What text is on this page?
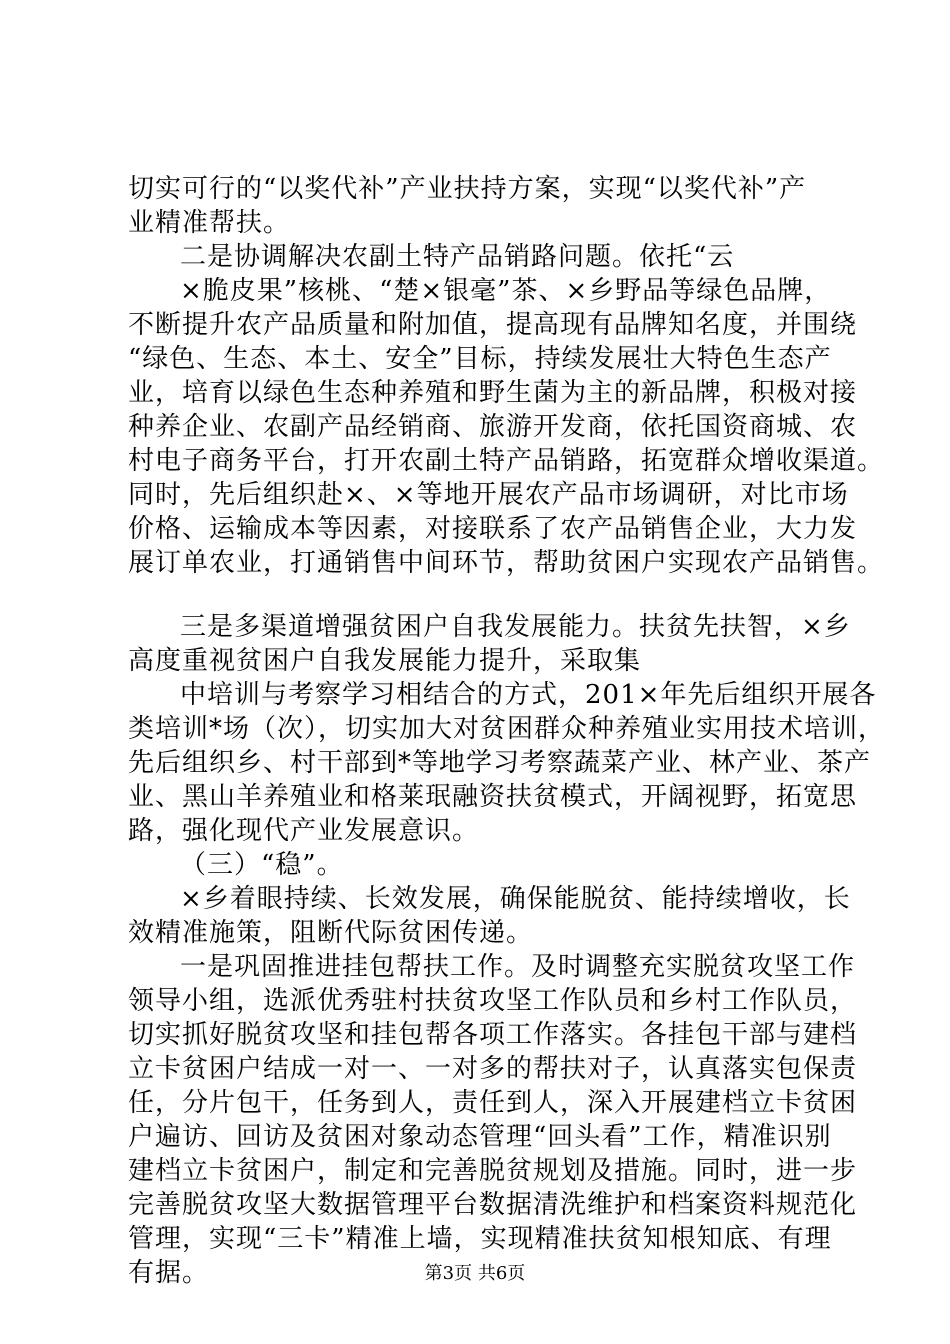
切实可行的“以奖代补”产业扶持方案，实现“以奖代补”产
业精准帮扶。
二是协调解决农副土特产品销路问题。依托“云
×脆皮果”核桃、“楚×银毫”茶、×乡野品等绿色品牌，
不断提升农产品质量和附加值，提高现有品牌知名度，并围绕
“绿色、生态、本土、安全”目标，持续发展壮大特色生态产
业，培育以绿色生态种养殖和野生菌为主的新品牌，积极对接
种养企业、农副产品经销商、旅游开发商，依托国资商城、农
村电子商务平台，打开农副土特产品销路，拓宽群众增收渠道。
同时，先后组织赴×、×等地开展农产品市场调研，对比市场
价格、运输成本等因素，对接联系了农产品销售企业，大力发
展订单农业，打通销售中间环节，帮助贫困户实现农产品销售。
三是多渠道增强贫困户自我发展能力。扶贫先扶智，×乡
高度重视贫困户自我发展能力提升，采取集
中培训与考察学习相结合的方式，201×年先后组织开展各
类培训*场（次），切实加大对贫困群众种养殖业实用技术培训，
先后组织乡、村干部到*等地学习考察蔬菜产业、林产业、茶产
业、黑山羊养殖业和格莱珉融资扶贫模式，开阔视野，拓宽思
路，强化现代产业发展意识。
（三）“稳”。
×乡着眼持续、长效发展，确保能脱贫、能持续增收，长
效精准施策，阻断代际贫困传递。
一是巩固推进挂包帮扶工作。及时调整充实脱贫攻坚工作
领导小组，选派优秀驻村扶贫攻坚工作队员和乡村工作队员，
切实抓好脱贫攻坚和挂包帮各项工作落实。各挂包干部与建档
立卡贫困户结成一对一、一对多的帮扶对子，认真落实包保责
任，分片包干，任务到人，责任到人，深入开展建档立卡贫困
户遍访、回访及贫困对象动态管理“回头看”工作，精准识别
建档立卡贫困户，制定和完善脱贫规划及措施。同时，进一步
完善脱贫攻坚大数据管理平台数据清洗维护和档案资料规范化
管理，实现“三卡”精准上墙，实现精准扶贫知根知底、有理
有据。	第3页 共6页
